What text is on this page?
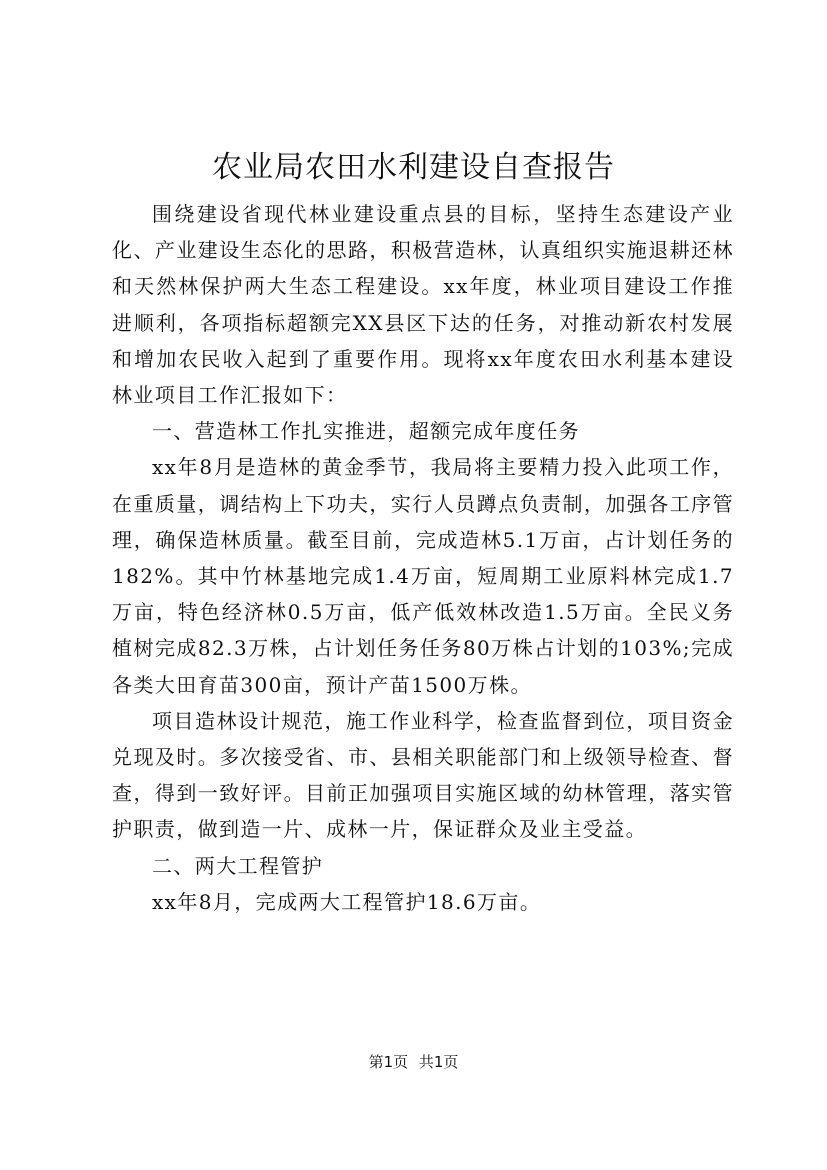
农业局农田水利建设自查报告

围绕建设省现代林业建设重点县的目标，坚持生态建设产业化、产业建设生态化的思路，积极营造林，认真组织实施退耕还林和天然林保护两大生态工程建设。xx年度，林业项目建设工作推进顺利，各项指标超额完XX县区下达的任务，对推动新农村发展和增加农民收入起到了重要作用。现将xx年度农田水利基本建设林业项目工作汇报如下：

一、营造林工作扎实推进，超额完成年度任务

xx年8月是造林的黄金季节，我局将主要精力投入此项工作，在重质量，调结构上下功夫，实行人员蹲点负责制，加强各工序管理，确保造林质量。截至目前，完成造林5.1万亩，占计划任务的182%。其中竹林基地完成1.4万亩，短周期工业原料林完成1.7万亩，特色经济林0.5万亩，低产低效林改造1.5万亩。全民义务植树完成82.3万株，占计划任务任务80万株占计划的103%;完成各类大田育苗300亩，预计产苗1500万株。

项目造林设计规范，施工作业科学，检查监督到位，项目资金兑现及时。多次接受省、市、县相关职能部门和上级领导检查、督查，得到一致好评。目前正加强项目实施区域的幼林管理，落实管护职责，做到造一片、成林一片，保证群众及业主受益。

二、两大工程管护

xx年8月，完成两大工程管护18.6万亩。

第1页 共1页
